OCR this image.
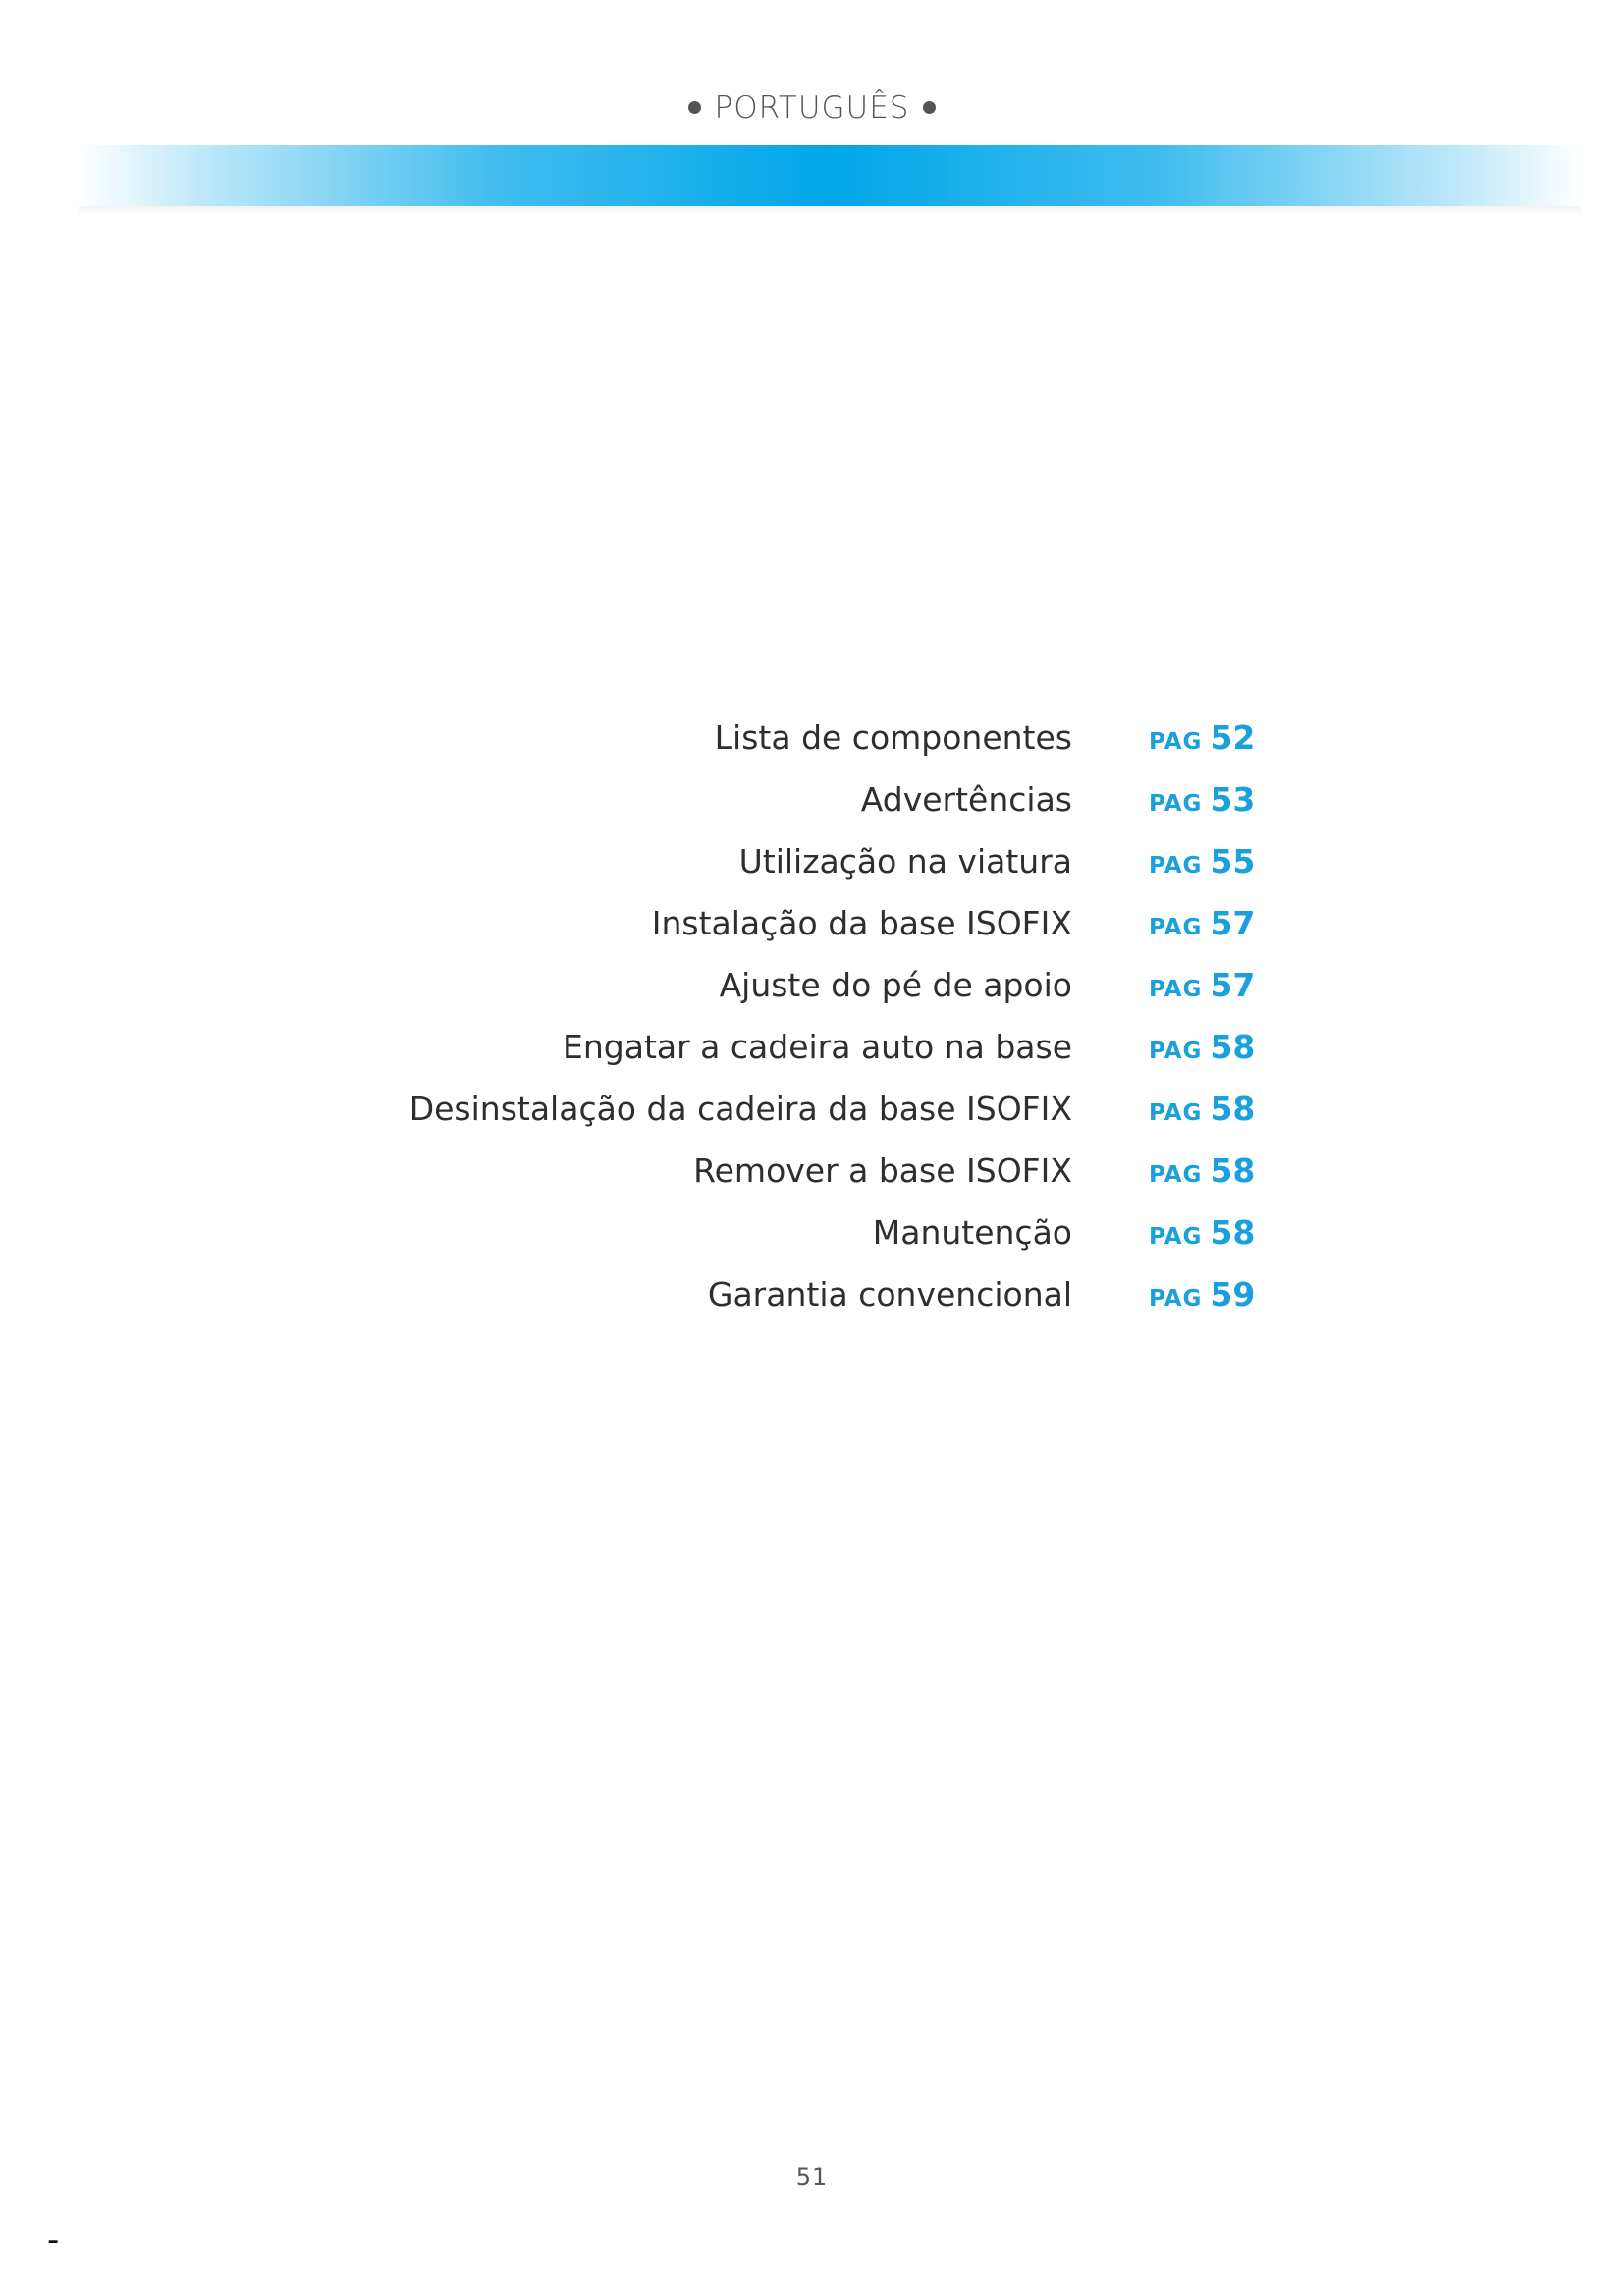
PORTUGUÊS
Lista de componentes	PAG 52
Advertências	PAG 53
Utilização na viatura	PAG 55
Instalação da base ISOFIX	PAG 57
Ajuste do pé de apoio	PAG 57
Engatar a cadeira auto na base	PAG 58
Desinstalação da cadeira da base ISOFIX	PAG 58
Remover a base ISOFIX	PAG 58
Manutenção	PAG 58
Garantia convencional	PAG 59
51
-
